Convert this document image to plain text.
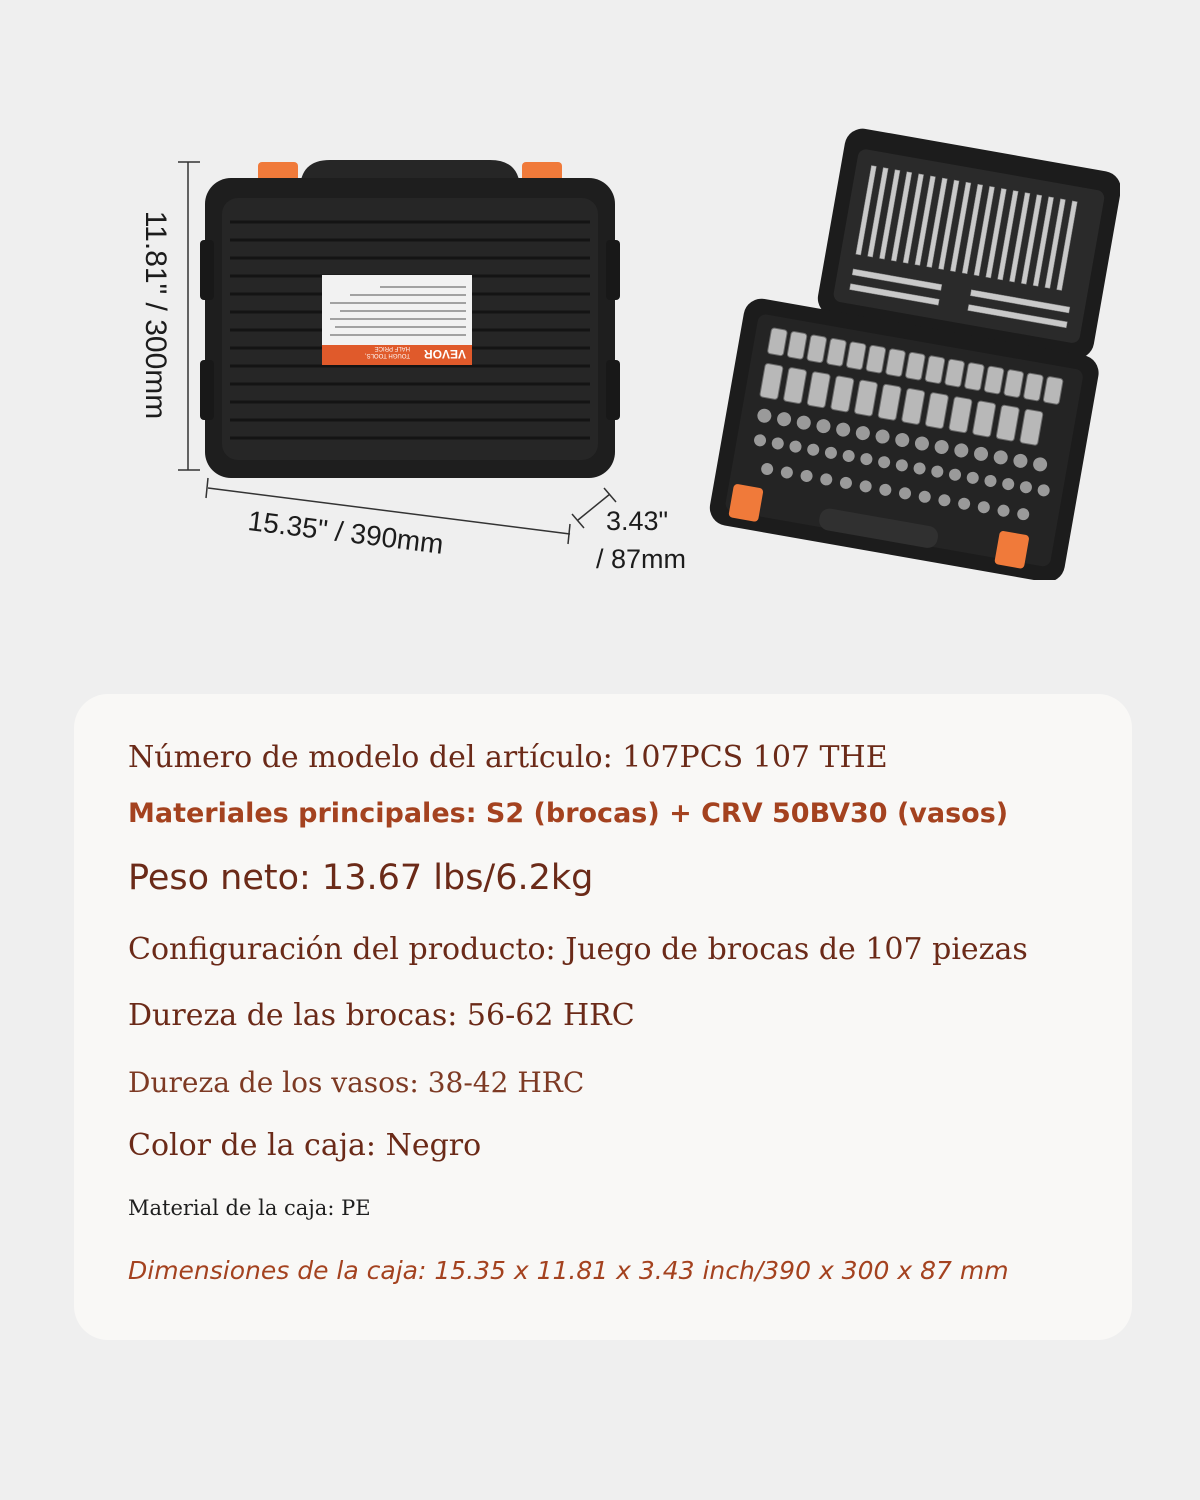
VEVOR
TOUGH TOOLS,
HALF PRICE
11.81" / 300mm
15.35" / 390mm	3.43"
/ 87mm
Número de modelo del artículo: 107PCS 107 THE
Materiales principales: S2 (brocas) + CRV 50BV30 (vasos)
Peso neto: 13.67 lbs/6.2kg
Configuración del producto: Juego de brocas de 107 piezas
Dureza de las brocas: 56-62 HRC
Dureza de los vasos: 38-42 HRC
Color de la caja: Negro
Material de la caja: PE
Dimensiones de la caja: 15.35 x 11.81 x 3.43 inch/390 x 300 x 87 mm
